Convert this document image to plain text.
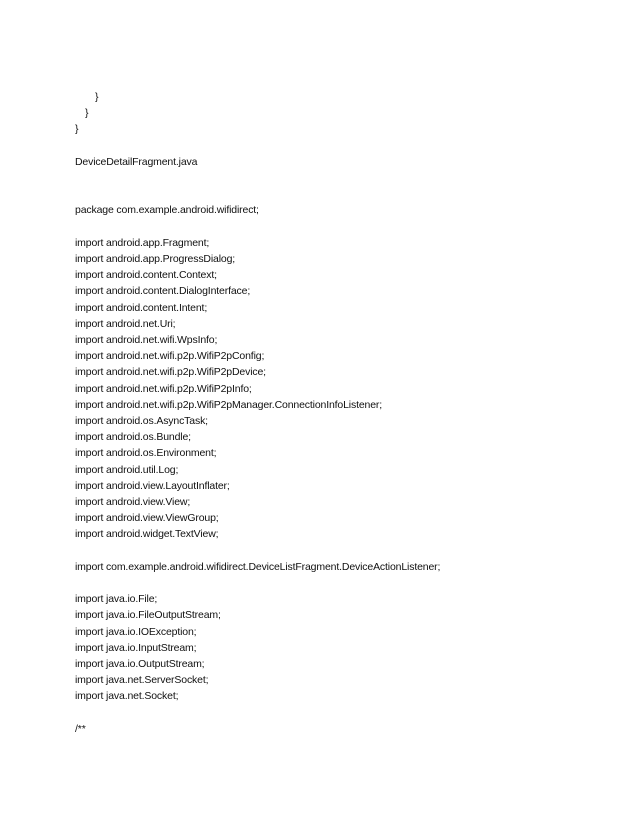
}
}
}
DeviceDetailFragment.java
package com.example.android.wifidirect;
import android.app.Fragment;
import android.app.ProgressDialog;
import android.content.Context;
import android.content.DialogInterface;
import android.content.Intent;
import android.net.Uri;
import android.net.wifi.WpsInfo;
import android.net.wifi.p2p.WifiP2pConfig;
import android.net.wifi.p2p.WifiP2pDevice;
import android.net.wifi.p2p.WifiP2pInfo;
import android.net.wifi.p2p.WifiP2pManager.ConnectionInfoListener;
import android.os.AsyncTask;
import android.os.Bundle;
import android.os.Environment;
import android.util.Log;
import android.view.LayoutInflater;
import android.view.View;
import android.view.ViewGroup;
import android.widget.TextView;
import com.example.android.wifidirect.DeviceListFragment.DeviceActionListener;
import java.io.File;
import java.io.FileOutputStream;
import java.io.IOException;
import java.io.InputStream;
import java.io.OutputStream;
import java.net.ServerSocket;
import java.net.Socket;
/**
